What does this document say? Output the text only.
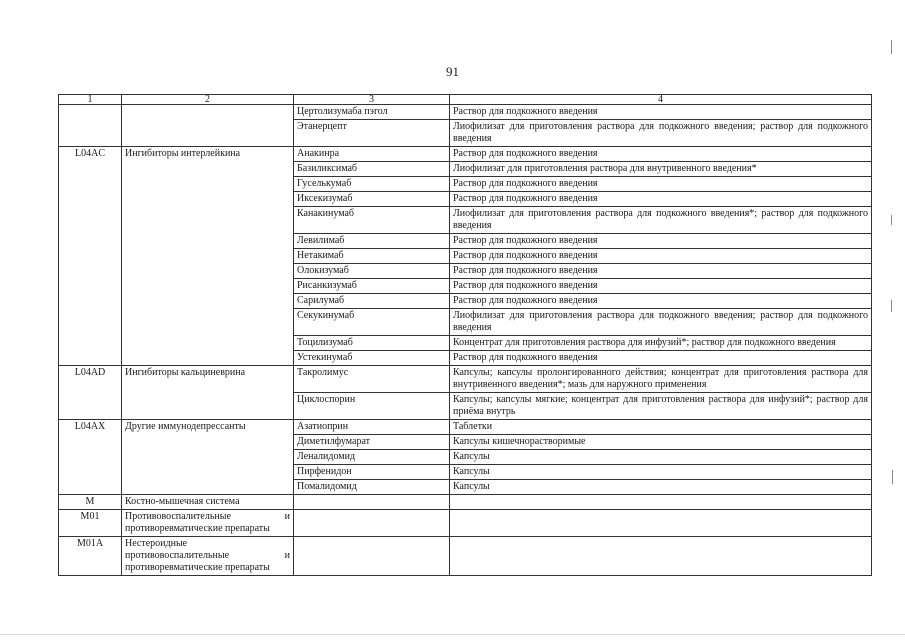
91
1	2	3	4
		Цертолизумаба пэгол	Раствор для подкожного введения
		Этанерцепт	Лиофилизат для приготовления раствора для подкожного введения; раствор для подкожного введения
L04AC	Ингибиторы интерлейкина	Анакинра	Раствор для подкожного введения
		Базиликсимаб	Лиофилизат для приготовления раствора для внутривенного введения*
		Гуселькумаб	Раствор для подкожного введения
		Иксекизумаб	Раствор для подкожного введения
		Канакинумаб	Лиофилизат для приготовления раствора для подкожного введения*; раствор для подкожного введения
		Левилимаб	Раствор для подкожного введения
		Нетакимаб	Раствор для подкожного введения
		Олокизумаб	Раствор для подкожного введения
		Рисанкизумаб	Раствор для подкожного введения
		Сарилумаб	Раствор для подкожного введения
		Секукинумаб	Лиофилизат для приготовления раствора для подкожного введения; раствор для подкожного введения
		Тоцилизумаб	Концентрат для приготовления раствора для инфузий*; раствор для подкожного введения
		Устекинумаб	Раствор для подкожного введения
L04AD	Ингибиторы кальциневрина	Такролимус	Капсулы; капсулы пролонгированного действия; концентрат для приготовления раствора для внутривенного введения*; мазь для наружного применения
		Циклоспорин	Капсулы; капсулы мягкие; концентрат для приготовления раствора для инфузий*; раствор для приёма внутрь
L04AX	Другие иммунодепрессанты	Азатиоприн	Таблетки
		Диметилфумарат	Капсулы кишечнорастворимые
		Леналидомид	Капсулы
		Пирфенидон	Капсулы
		Помалидомид	Капсулы
M	Костно-мышечная система		
M01	Противовоспалительные и противоревматические препараты		
M01A	Нестероидные противовоспалительные и противоревматические препараты		
